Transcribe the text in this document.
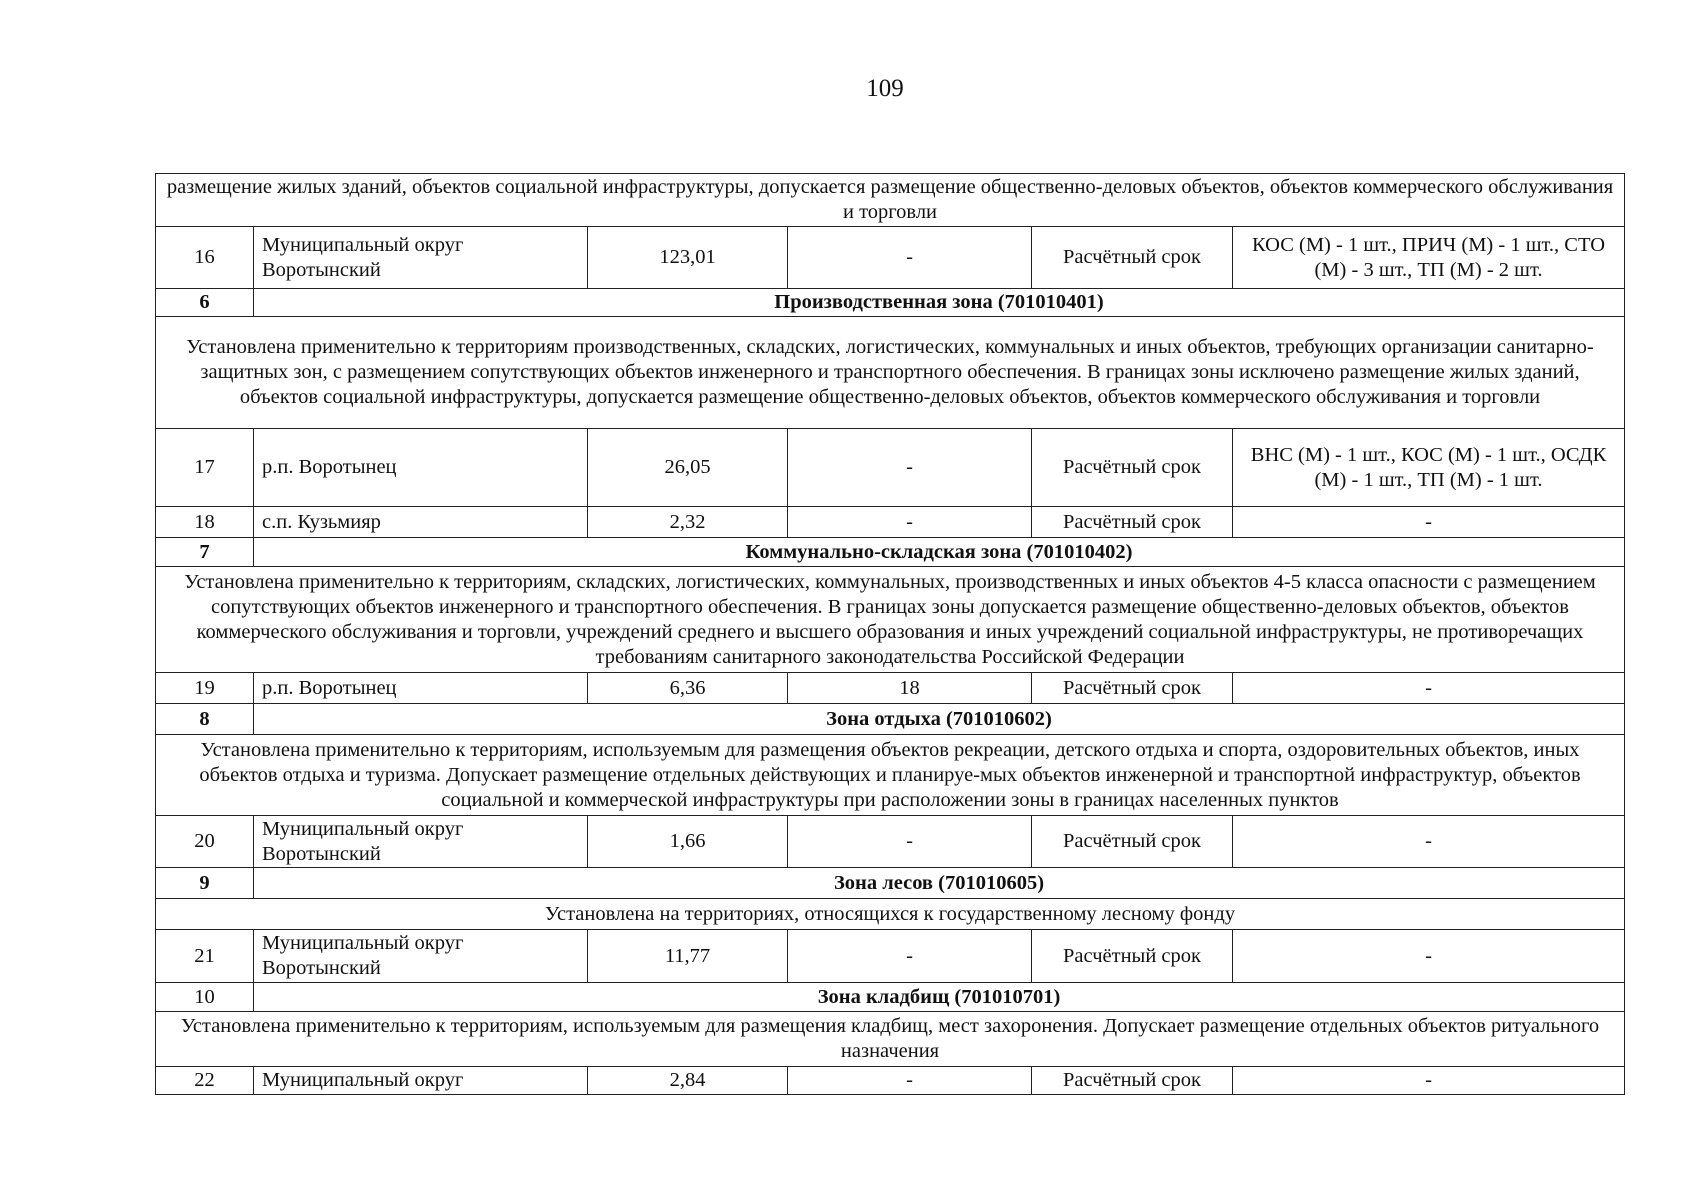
109
размещение жилых зданий, объектов социальной инфраструктуры, допускается размещение общественно-деловых объектов, объектов коммерческого обслуживания и торговли					
16	Муниципальный округ Воротынский	123,01	-	Расчётный срок	КОС (М) - 1 шт., ПРИЧ (М) - 1 шт., СТО (М) - 3 шт., ТП (М) - 2 шт.
6	Производственная зона (701010401)				
Установлена применительно к территориям производственных, складских, логистических, коммунальных и иных объектов, требующих организации санитарно-защитных зон, с размещением сопутствующих объектов инженерного и транспортного обеспечения. В границах зоны исключено размещение жилых зданий, объектов социальной инфраструктуры, допускается размещение общественно-деловых объектов, объектов коммерческого обслуживания и торговли					
17	р.п. Воротынец	26,05	-	Расчётный срок	ВНС (М) - 1 шт., КОС (М) - 1 шт., ОСДК (М) - 1 шт., ТП (М) - 1 шт.
18	с.п. Кузьмияр	2,32	-	Расчётный срок	-
7	Коммунально-складская зона (701010402)				
Установлена применительно к территориям, складских, логистических, коммунальных, производственных и иных объектов 4-5 класса опасности с размещением сопутствующих объектов инженерного и транспортного обеспечения. В границах зоны допускается размещение общественно-деловых объектов, объектов коммерческого обслуживания и торговли, учреждений среднего и высшего образования и иных учреждений социальной инфраструктуры, не противоречащих требованиям санитарного законодательства Российской Федерации					
19	р.п. Воротынец	6,36	18	Расчётный срок	-
8	Зона отдыха (701010602)				
Установлена применительно к территориям, используемым для размещения объектов рекреации, детского отдыха и спорта, оздоровительных объектов, иных объектов отдыха и туризма. Допускает размещение отдельных действующих и планируе-мых объектов инженерной и транспортной инфраструктур, объектов социальной и коммерческой инфраструктуры при расположении зоны в границах населенных пунктов					
20	Муниципальный округ Воротынский	1,66	-	Расчётный срок	-
9	Зона лесов (701010605)				
Установлена на территориях, относящихся к государственному лесному фонду					
21	Муниципальный округ Воротынский	11,77	-	Расчётный срок	-
10	Зона кладбищ (701010701)				
Установлена применительно к территориям, используемым для размещения кладбищ, мест захоронения. Допускает размещение отдельных объектов ритуального назначения					
22	Муниципальный округ	2,84	-	Расчётный срок	-
